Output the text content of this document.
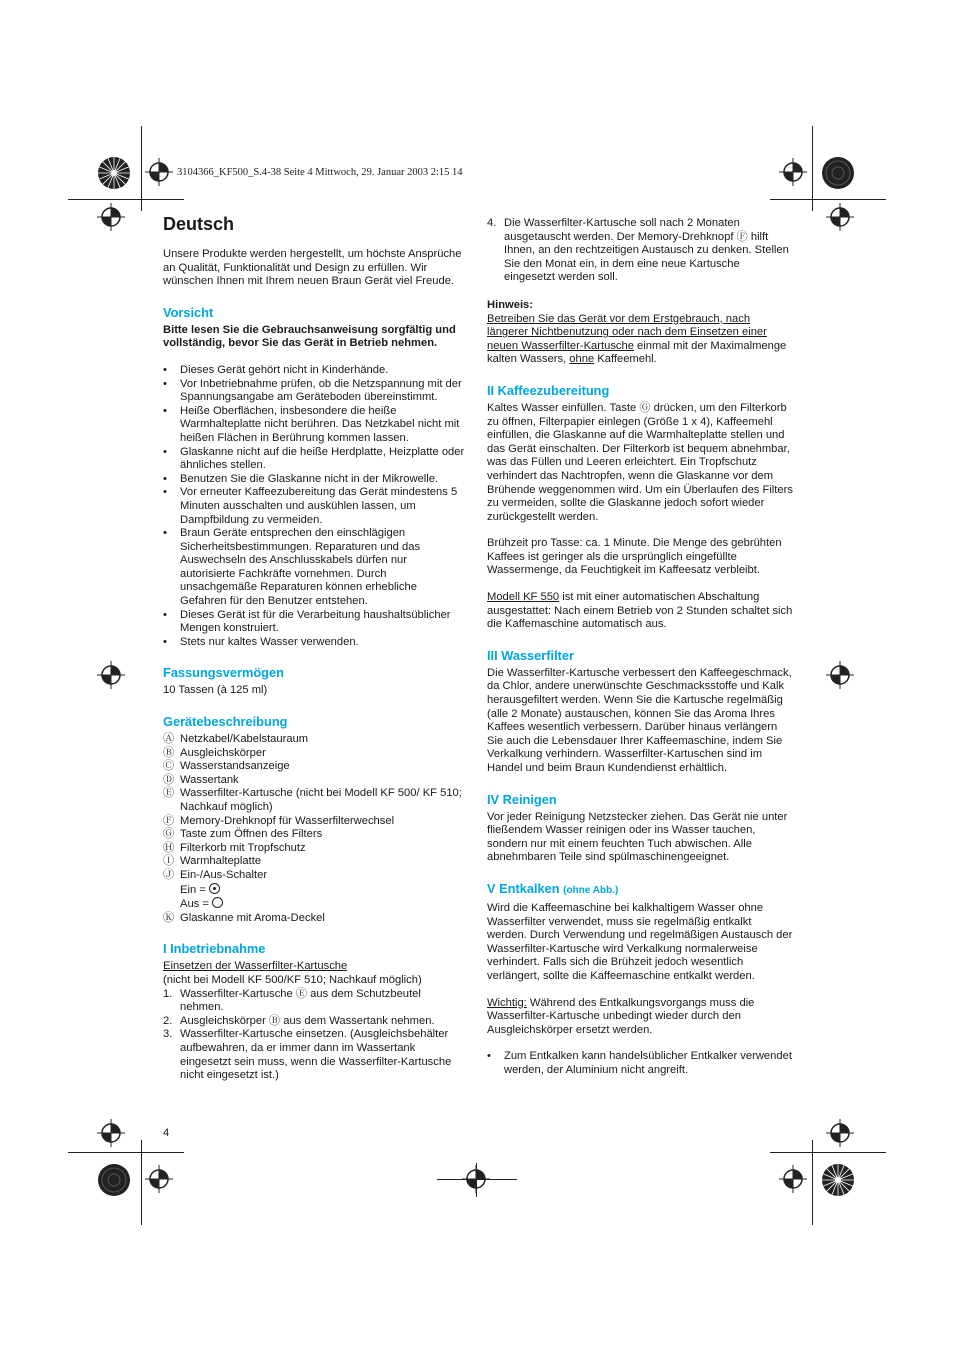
3104366_KF500_S.4-38 Seite 4 Mittwoch, 29. Januar 2003 2:15 14
Deutsch

Unsere Produkte werden hergestellt, um höchste Ansprüche an Qualität, Funktionalität und Design zu erfüllen. Wir wünschen Ihnen mit Ihrem neuen Braun Gerät viel Freude.

Vorsicht

Bitte lesen Sie die Gebrauchsanweisung sorgfältig und vollständig, bevor Sie das Gerät in Betrieb nehmen.

• Dieses Gerät gehört nicht in Kinderhände.
• Vor Inbetriebnahme prüfen, ob die Netzspannung mit der Spannungsangabe am Geräteboden übereinstimmt.
• Heiße Oberflächen, insbesondere die heiße Warmhalteplatte nicht berühren. Das Netzkabel nicht mit heißen Flächen in Berührung kommen lassen.
• Glaskanne nicht auf die heiße Herdplatte, Heizplatte oder ähnliches stellen.
• Benutzen Sie die Glaskanne nicht in der Mikrowelle.
• Vor erneuter Kaffeezubereitung das Gerät mindestens 5 Minuten ausschalten und auskühlen lassen, um Dampfbildung zu vermeiden.
• Braun Geräte entsprechen den einschlägigen Sicherheitsbestimmungen. Reparaturen und das Auswechseln des Anschlusskabels dürfen nur autorisierte Fachkräfte vornehmen. Durch unsachgemäße Reparaturen können erhebliche Gefahren für den Benutzer entstehen.
• Dieses Gerät ist für die Verarbeitung haushaltsüblicher Mengen konstruiert.
• Stets nur kaltes Wasser verwenden.
Fassungsvermögen

10 Tassen (à 125 ml)

Gerätebeschreibung
Ⓐ Netzkabel/Kabelstauraum
Ⓑ Ausgleichskörper
Ⓒ Wasserstandsanzeige
Ⓓ Wassertank
Ⓔ Wasserfilter-Kartusche (nicht bei Modell KF 500/ KF 510; Nachkauf möglich)
Ⓕ Memory-Drehknopf für Wasserfilterwechsel
Ⓖ Taste zum Öffnen des Filters
Ⓗ Filterkorb mit Tropfschutz
Ⓘ Warmhalteplatte
Ⓙ Ein-/Aus-Schalter
Ein =
Aus =
Ⓚ Glaskanne mit Aroma-Deckel
I Inbetriebnahme
Einsetzen der Wasserfilter-Kartusche
(nicht bei Modell KF 500/KF 510; Nachkauf möglich)
1. Wasserfilter-Kartusche Ⓔ aus dem Schutzbeutel nehmen.
2. Ausgleichskörper Ⓑ aus dem Wassertank nehmen.
3. Wasserfilter-Kartusche einsetzen. (Ausgleichsbehälter aufbewahren, da er immer dann im Wassertank eingesetzt sein muss, wenn die Wasserfilter-Kartusche nicht eingesetzt ist.)
4. Die Wasserfilter-Kartusche soll nach 2 Monaten ausgetauscht werden. Der Memory-Drehknopf Ⓕ hilft Ihnen, an den rechtzeitigen Austausch zu denken. Stellen Sie den Monat ein, in dem eine neue Kartusche eingesetzt werden soll.
Hinweis:

Betreiben Sie das Gerät vor dem Erstgebrauch, nach längerer Nichtbenutzung oder nach dem Einsetzen einer neuen Wasserfilter-Kartusche einmal mit der Maximalmenge kalten Wassers, ohne Kaffeemehl.

II Kaffeezubereitung

Kaltes Wasser einfüllen. Taste Ⓖ drücken, um den Filterkorb zu öffnen, Filterpapier einlegen (Größe 1 x 4), Kaffeemehl einfüllen, die Glaskanne auf die Warmhalteplatte stellen und das Gerät einschalten. Der Filterkorb ist bequem abnehmbar, was das Füllen und Leeren erleichtert. Ein Tropfschutz verhindert das Nachtropfen, wenn die Glaskanne vor dem Brühende weggenommen wird. Um ein Überlaufen des Filters zu vermeiden, sollte die Glaskanne jedoch sofort wieder zurückgestellt werden.

Brühzeit pro Tasse: ca. 1 Minute. Die Menge des gebrühten Kaffees ist geringer als die ursprünglich eingefüllte Wassermenge, da Feuchtigkeit im Kaffeesatz verbleibt.

Modell KF 550 ist mit einer automatischen Abschaltung ausgestattet: Nach einem Betrieb von 2 Stunden schaltet sich die Kaffemaschine automatisch aus.

III Wasserfilter

Die Wasserfilter-Kartusche verbessert den Kaffeegeschmack, da Chlor, andere unerwünschte Geschmacksstoffe und Kalk herausgefiltert werden. Wenn Sie die Kartusche regelmäßig (alle 2 Monate) austauschen, können Sie das Aroma Ihres Kaffees wesentlich verbessern. Darüber hinaus verlängern Sie auch die Lebensdauer Ihrer Kaffeemaschine, indem Sie Verkalkung verhindern. Wasserfilter-Kartuschen sind im Handel und beim Braun Kundendienst erhältlich.

IV Reinigen

Vor jeder Reinigung Netzstecker ziehen. Das Gerät nie unter fließendem Wasser reinigen oder ins Wasser tauchen, sondern nur mit einem feuchten Tuch abwischen. Alle abnehmbaren Teile sind spülmaschinengeeignet.

V Entkalken (ohne Abb.)

Wird die Kaffeemaschine bei kalkhaltigem Wasser ohne Wasserfilter verwendet, muss sie regelmäßig entkalkt werden. Durch Verwendung und regelmäßigen Austausch der Wasserfilter-Kartusche wird Verkalkung normalerweise verhindert. Falls sich die Brühzeit jedoch wesentlich verlängert, sollte die Kaffeemaschine entkalkt werden.

Wichtig: Während des Entkalkungsvorgangs muss die Wasserfilter-Kartusche unbedingt wieder durch den Ausgleichskörper ersetzt werden.

• Zum Entkalken kann handelsüblicher Entkalker verwendet werden, der Aluminium nicht angreift.
4
